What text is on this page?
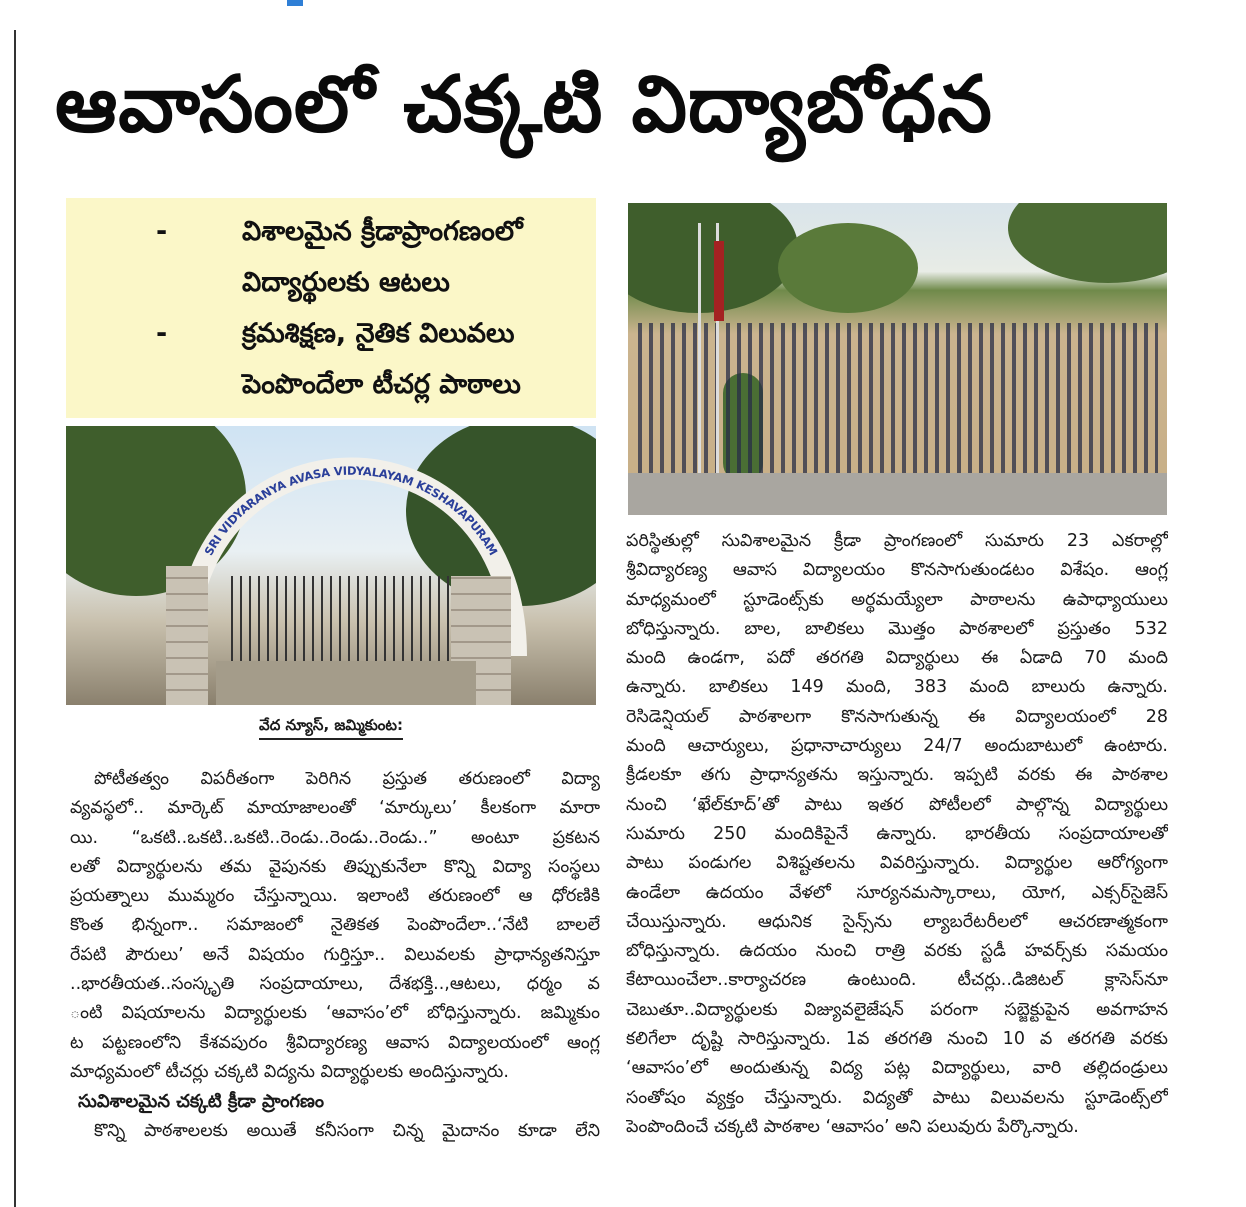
ఆవాసంలో చక్కటి విద్యాబోధన
-	విశాలమైన క్రీడాప్రాంగణంలో
విద్యార్థులకు ఆటలు
-	క్రమశిక్షణ, నైతిక విలువలు
పెంపొందేలా టీచర్ల పాఠాలు
SRI VIDYARANYA AVASA VIDYALAYAM KESHAVAPURAM
వేద న్యూస్, జమ్మికుంట:
పోటీతత్వం విపరీతంగా పెరిగిన ప్రస్తుత తరుణంలో విద్యా
వ్యవస్థలో.. మార్కెట్ మాయాజాలంతో ‘మార్కులు’ కీలకంగా మారా
యి. “ఒకటి..ఒకటి..ఒకటి..రెండు..రెండు..రెండు..” అంటూ ప్రకటన
లతో విద్యార్థులను తమ వైపునకు తిప్పుకునేలా కొన్ని విద్యా సంస్థలు
ప్రయత్నాలు ముమ్మరం చేస్తున్నాయి. ఇలాంటి తరుణంలో ఆ ధోరణికి
కొంత భిన్నంగా.. సమాజంలో నైతికత పెంపొందేలా..‘నేటి బాలలే
రేపటి పౌరులు’ అనే విషయం గుర్తిస్తూ.. విలువలకు ప్రాధాన్యతనిస్తూ
..భారతీయత..సంస్కృతి సంప్రదాయాలు, దేశభక్తి..,ఆటలు, ధర్మం వ
ంటి విషయాలను విద్యార్థులకు ‘ఆవాసం’లో బోధిస్తున్నారు. జమ్మికుం
ట పట్టణంలోని కేశవపురం శ్రీవిద్యారణ్య ఆవాస విద్యాలయంలో ఆంగ్ల
మాధ్యమంలో టీచర్లు చక్కటి విద్యను విద్యార్థులకు అందిస్తున్నారు.
సువిశాలమైన చక్కటి క్రీడా ప్రాంగణం
కొన్ని పాఠశాలలకు అయితే కనీసంగా చిన్న మైదానం కూడా లేని
పరిస్థితుల్లో సువిశాలమైన క్రీడా ప్రాంగణంలో సుమారు 23 ఎకరాల్లో
శ్రీవిద్యారణ్య ఆవాస విద్యాలయం కొనసాగుతుండటం విశేషం. ఆంగ్ల
మాధ్యమంలో స్టూడెంట్స్‌కు అర్థమయ్యేలా పాఠాలను ఉపాధ్యాయులు
బోధిస్తున్నారు. బాల, బాలికలు మొత్తం పాఠశాలలో ప్రస్తుతం 532
మంది ఉండగా, పదో తరగతి విద్యార్థులు ఈ ఏడాది 70 మంది
ఉన్నారు. బాలికలు 149 మంది, 383 మంది బాలురు ఉన్నారు.
రెసిడెన్షియల్ పాఠశాలగా కొనసాగుతున్న ఈ విద్యాలయంలో 28
మంది ఆచార్యులు, ప్రధానాచార్యులు 24/7 అందుబాటులో ఉంటారు.
క్రీడలకూ తగు ప్రాధాన్యతను ఇస్తున్నారు. ఇప్పటి వరకు ఈ పాఠశాల
నుంచి ‘ఖేల్‌కూద్’తో పాటు ఇతర పోటీలలో పాల్గొన్న విద్యార్థులు
సుమారు 250 మందికిపైనే ఉన్నారు. భారతీయ సంప్రదాయాలతో
పాటు పండుగల విశిష్టతలను వివరిస్తున్నారు. విద్యార్థుల ఆరోగ్యంగా
ఉండేలా ఉదయం వేళలో సూర్యనమస్కారాలు, యోగ, ఎక్సర్‌సైజెస్
చేయిస్తున్నారు. ఆధునిక సైన్స్‌ను ల్యాబరేటరీలలో ఆచరణాత్మకంగా
బోధిస్తున్నారు. ఉదయం నుంచి రాత్రి వరకు స్టడీ హవర్స్‌కు సమయం
కేటాయించేలా..కార్యాచరణ ఉంటుంది. టీచర్లు..డిజిటల్ క్లాసెస్‌నూ
చెబుతూ..విద్యార్థులకు విజ్యువలైజేషన్ పరంగా సబ్జెక్టుపైన అవగాహన
కలిగేలా దృష్టి సారిస్తున్నారు. 1వ తరగతి నుంచి 10 వ తరగతి వరకు
‘ఆవాసం’లో అందుతున్న విద్య పట్ల విద్యార్థులు, వారి తల్లిదండ్రులు
సంతోషం వ్యక్తం చేస్తున్నారు. విద్యతో పాటు విలువలను స్టూడెంట్స్‌లో
పెంపొందించే చక్కటి పాఠశాల ‘ఆవాసం’ అని పలువురు పేర్కొన్నారు.
